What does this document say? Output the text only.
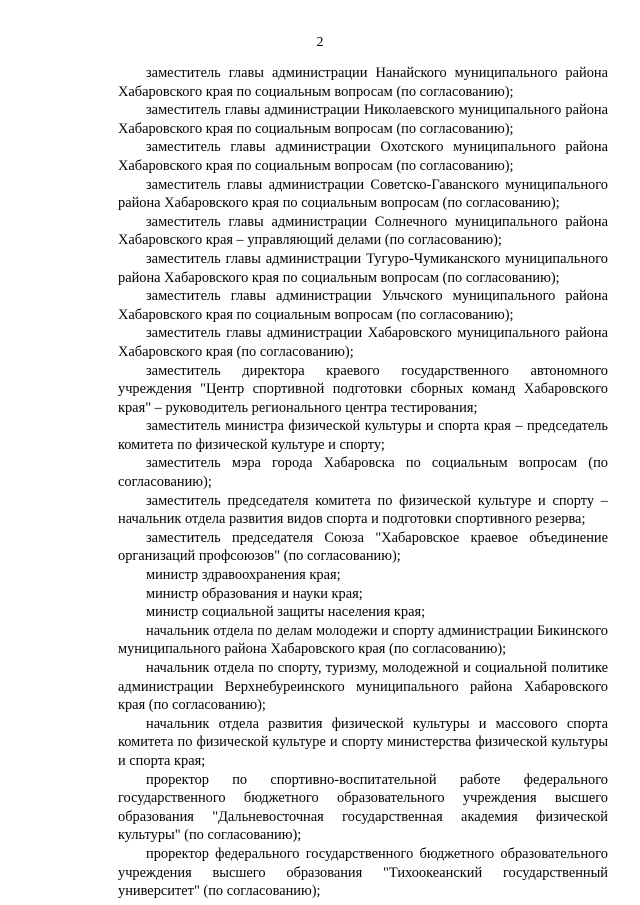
2

заместитель главы администрации Нанайского муниципального района Хабаровского края по социальным вопросам (по согласованию);

заместитель главы администрации Николаевского муниципального района Хабаровского края по социальным вопросам (по согласованию);

заместитель главы администрации Охотского муниципального района Хабаровского края по социальным вопросам (по согласованию);

заместитель главы администрации Советско-Гаванского муниципального района Хабаровского края по социальным вопросам (по согласованию);

заместитель главы администрации Солнечного муниципального района Хабаровского края – управляющий делами (по согласованию);

заместитель главы администрации Тугуро-Чумиканского муниципального района Хабаровского края по социальным вопросам (по согласованию);

заместитель главы администрации Ульчского муниципального района Хабаровского края по социальным вопросам (по согласованию);

заместитель главы администрации Хабаровского муниципального района Хабаровского края (по согласованию);

заместитель директора краевого государственного автономного учреждения "Центр спортивной подготовки сборных команд Хабаровского края" – руководитель регионального центра тестирования;

заместитель министра физической культуры и спорта края – председатель комитета по физической культуре и спорту;

заместитель мэра города Хабаровска по социальным вопросам (по согласованию);

заместитель председателя комитета по физической культуре и спорту – начальник отдела развития видов спорта и подготовки спортивного резерва;

заместитель председателя Союза "Хабаровское краевое объединение организаций профсоюзов" (по согласованию);

министр здравоохранения края;

министр образования и науки края;

министр социальной защиты населения края;

начальник отдела по делам молодежи и спорту администрации Бикинского муниципального района Хабаровского края (по согласованию);

начальник отдела по спорту, туризму, молодежной и социальной политике администрации Верхнебуреинского муниципального района Хабаровского края (по согласованию);

начальник отдела развития физической культуры и массового спорта комитета по физической культуре и спорту министерства физической культуры и спорта края;

проректор по спортивно-воспитательной работе федерального государственного бюджетного образовательного учреждения высшего образования "Дальневосточная государственная академия физической культуры" (по согласованию);

проректор федерального государственного бюджетного образовательного учреждения высшего образования "Тихоокеанский государственный университет" (по согласованию);
